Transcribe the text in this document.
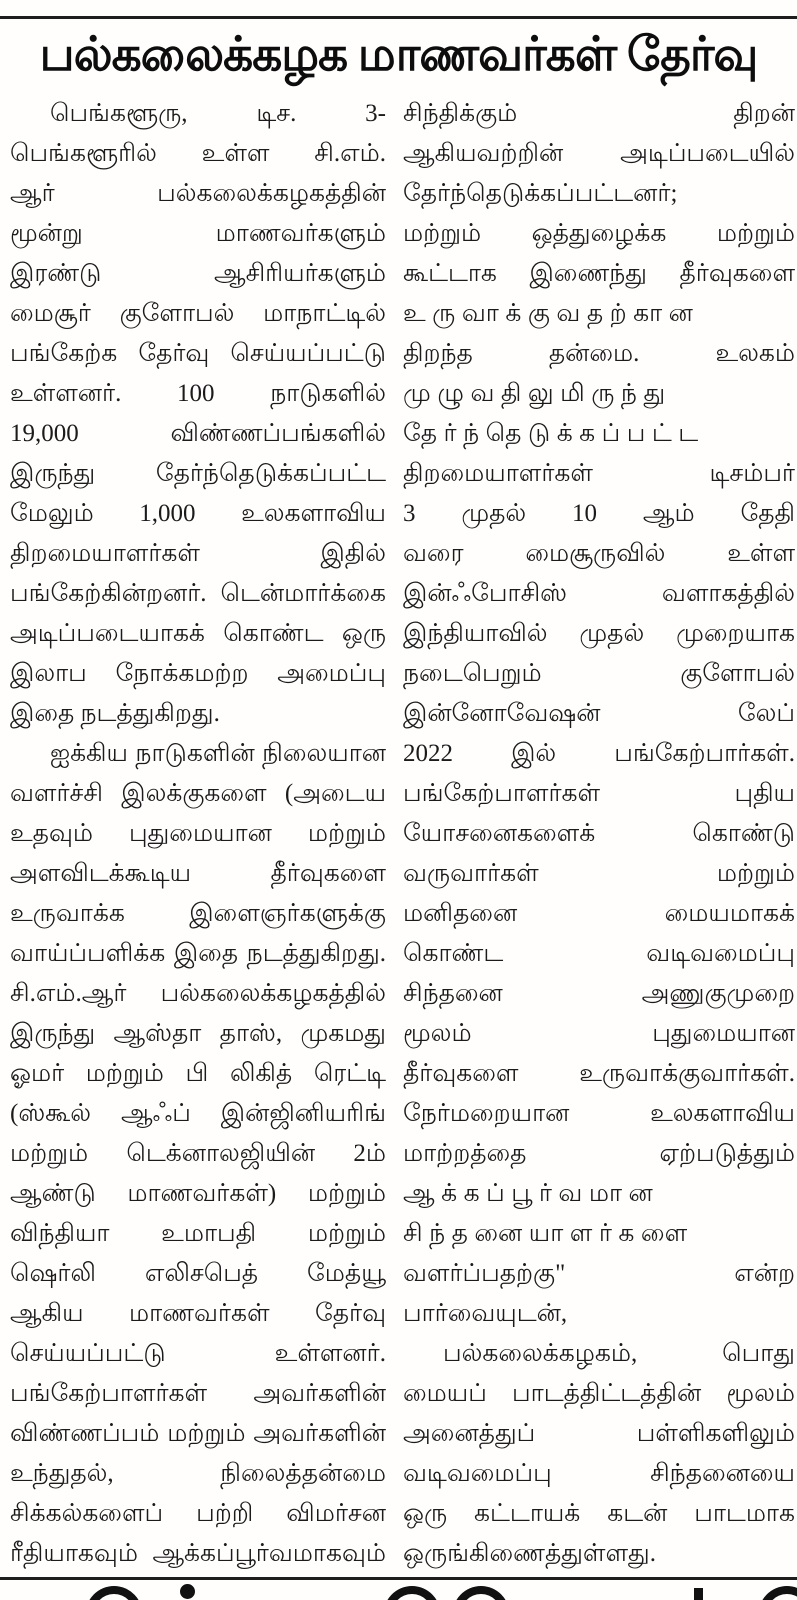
பல்கலைக்கழக மாணவர்கள் தேர்வு
பெங்களூரு, டிச. 3-
பெங்களூரில் உள்ள சி.எம்.
ஆர் பல்கலைக்கழகத்தின்
மூன்று மாணவர்களும்
இரண்டு ஆசிரியர்களும்
மைசூர் குளோபல் மாநாட்டில்
பங்கேற்க தேர்வு செய்யப்பட்டு
உள்ளனர். 100 நாடுகளில்
19,000 விண்ணப்பங்களில்
இருந்து தேர்ந்தெடுக்கப்பட்ட
மேலும் 1,000 உலகளாவிய
திறமையாளர்கள் இதில்
பங்கேற்கின்றனர். டென்மார்க்கை
அடிப்படையாகக் கொண்ட ஒரு
இலாப நோக்கமற்ற அமைப்பு
இதை நடத்துகிறது.
ஐக்கிய நாடுகளின் நிலையான
வளர்ச்சி இலக்குகளை (அடைய
உதவும் புதுமையான மற்றும்
அளவிடக்கூடிய தீர்வுகளை
உருவாக்க இளைஞர்களுக்கு
வாய்ப்பளிக்க இதை நடத்துகிறது.
சி.எம்.ஆர் பல்கலைக்கழகத்தில்
இருந்து ஆஸ்தா தாஸ், முகமது
ஓமர் மற்றும் பி லிகித் ரெட்டி
(ஸ்கூல் ஆஃப் இன்ஜினியரிங்
மற்றும் டெக்னாலஜியின் 2ம்
ஆண்டு மாணவர்கள்) மற்றும்
விந்தியா உமாபதி மற்றும்
ஷெர்லி எலிசபெத் மேத்யூ
ஆகிய மாணவர்கள் தேர்வு
செய்யப்பட்டு உள்ளனர்.
பங்கேற்பாளர்கள் அவர்களின்
விண்ணப்பம் மற்றும் அவர்களின்
உந்துதல், நிலைத்தன்மை
சிக்கல்களைப் பற்றி விமர்சன
ரீதியாகவும் ஆக்கப்பூர்வமாகவும்
சிந்திக்கும் திறன்
ஆகியவற்றின் அடிப்படையில்
தேர்ந்தெடுக்கப்பட்டனர்;
மற்றும் ஒத்துழைக்க மற்றும்
கூட்டாக இணைந்து தீர்வுகளை
உருவாக்குவதற்கான
திறந்த தன்மை. உலகம்
முழுவதிலுமிருந்து
தேர்ந்தெடுக்கப்பட்ட
திறமையாளர்கள் டிசம்பர்
3 முதல் 10 ஆம் தேதி
வரை மைசூருவில் உள்ள
இன்ஃபோசிஸ் வளாகத்தில்
இந்தியாவில் முதல் முறையாக
நடைபெறும் குளோபல்
இன்னோவேஷன் லேப்
2022 இல் பங்கேற்பார்கள்.
பங்கேற்பாளர்கள் புதிய
யோசனைகளைக் கொண்டு
வருவார்கள் மற்றும்
மனிதனை மையமாகக்
கொண்ட வடிவமைப்பு
சிந்தனை அணுகுமுறை
மூலம் புதுமையான
தீர்வுகளை உருவாக்குவார்கள்.
நேர்மறையான உலகளாவிய
மாற்றத்தை ஏற்படுத்தும்
ஆக்கப்பூர்வமான
சிந்தனையாளர்களை
வளர்ப்பதற்கு" என்ற
பார்வையுடன்,
பல்கலைக்கழகம், பொது
மையப் பாடத்திட்டத்தின் மூலம்
அனைத்துப் பள்ளிகளிலும்
வடிவமைப்பு சிந்தனையை
ஒரு கட்டாயக் கடன் பாடமாக
ஒருங்கிணைத்துள்ளது.
